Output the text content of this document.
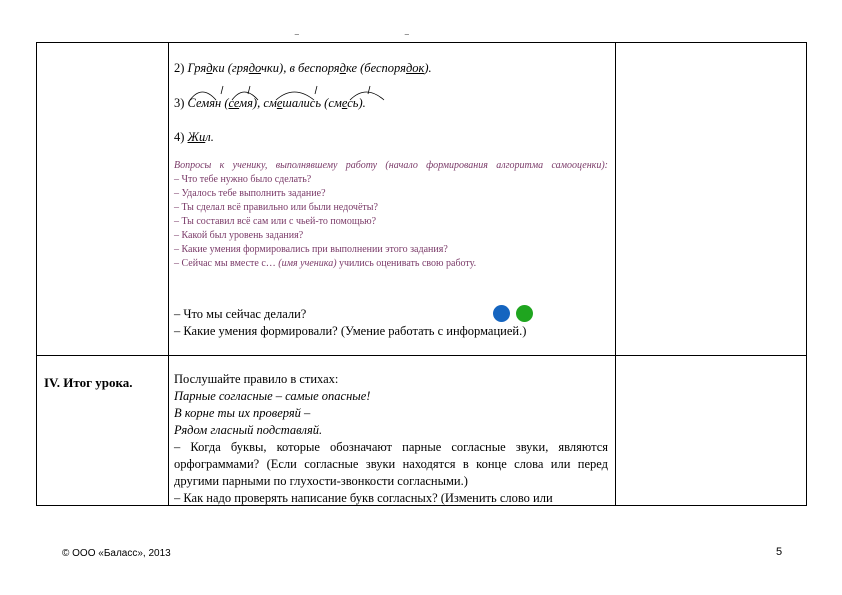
IV. Итог урока.
‾	‾
2) Грядки (грядочки), в беспорядке (беспорядок).
3) Семян (семя), смешались (смесь).
4) Жил.
Вопросы к ученику, выполнявшему работу (начало формирования алгоритма самооценки):
– Что тебе нужно было сделать?
– Удалось тебе выполнить задание?
– Ты сделал всё правильно или были недочёты?
– Ты составил всё сам или с чьей-то помощью?
– Какой был уровень задания?
– Какие умения формировались при выполнении этого задания?
– Сейчас мы вместе с… (имя ученика) учились оценивать свою работу.
– Что мы сейчас делали?
– Какие умения формировали? (Умение работать с информацией.)
Послушайте правило в стихах:
Парные согласные – самые опасные!
В корне ты их проверяй –
Рядом гласный подставляй.
– Когда буквы, которые обозначают парные согласные звуки, являются орфограммами? (Если согласные звуки находятся в конце слова или перед другими парными по глухости-звонкости согласными.)
– Как надо проверять написание букв согласных? (Изменить слово или
© ООО «Баласс», 2013	5
